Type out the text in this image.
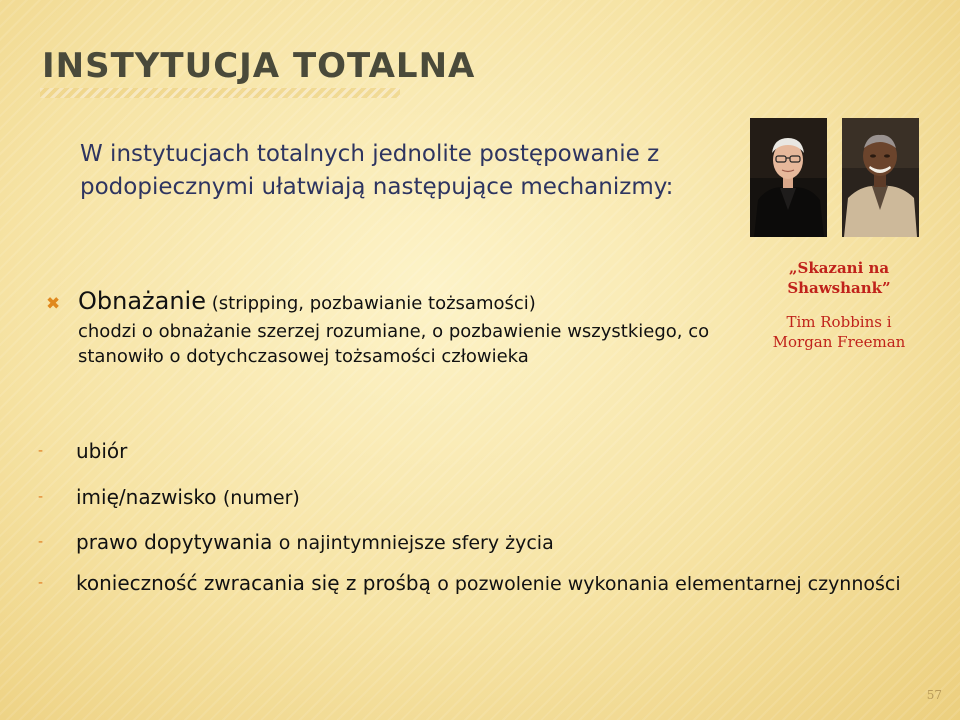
INSTYTUCJA TOTALNA
W instytucjach totalnych jednolite postępowanie z podopiecznymi ułatwiają następujące mechanizmy:
✖ Obnażanie (stripping, pozbawianie tożsamości)
chodzi o obnażanie szerzej rozumiane, o pozbawienie wszystkiego, co stanowiło o dotychczasowej tożsamości człowieka
- ubiór
- imię/nazwisko (numer)
- prawo dopytywania o najintymniejsze sfery życia
- konieczność zwracania się z prośbą o pozwolenie wykonania elementarnej czynności
„Skazani na Shawshank”
Tim Robbins i Morgan Freeman
57
